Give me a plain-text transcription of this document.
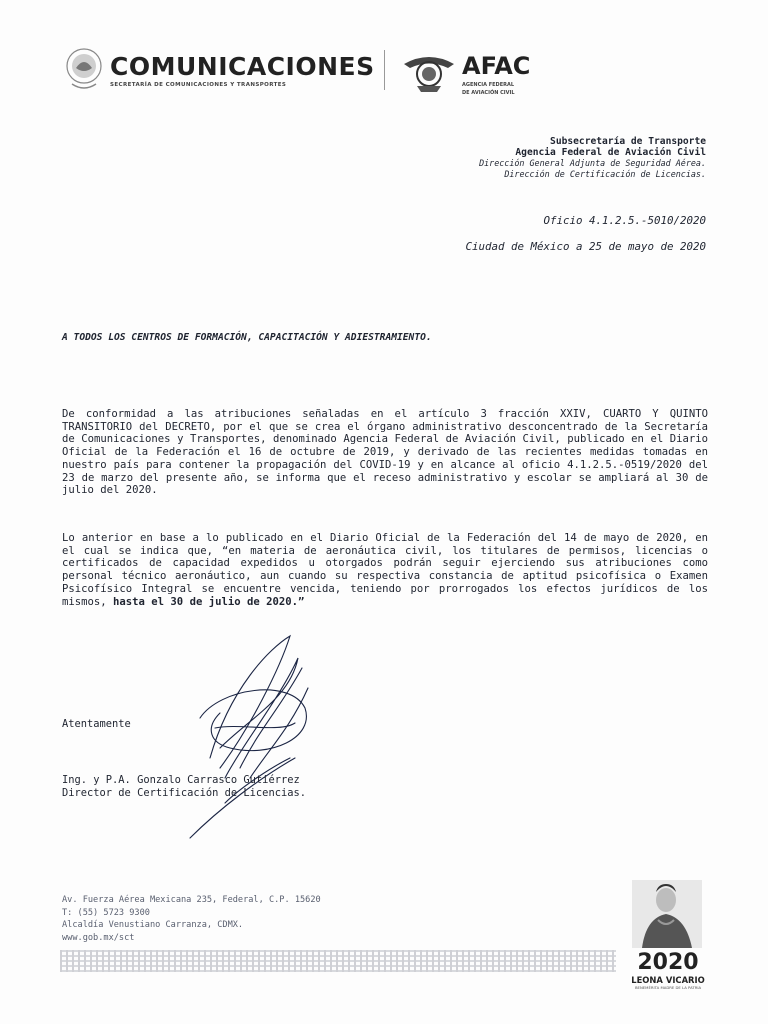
COMUNICACIONES
SECRETARÍA DE COMUNICACIONES Y TRANSPORTES
AFAC
AGENCIA FEDERAL
DE AVIACIÓN CIVIL
Subsecretaría de Transporte
Agencia Federal de Aviación Civil
Dirección General Adjunta de Seguridad Aérea.
Dirección de Certificación de Licencias.
Oficio 4.1.2.5.-5010/2020
Ciudad de México a 25 de mayo de 2020
A TODOS LOS CENTROS DE FORMACIÓN, CAPACITACIÓN Y ADIESTRAMIENTO.
De conformidad a las atribuciones señaladas en el artículo 3 fracción XXIV, CUARTO Y QUINTO TRANSITORIO del DECRETO, por el que se crea el órgano administrativo desconcentrado de la Secretaría de Comunicaciones y Transportes, denominado Agencia Federal de Aviación Civil, publicado en el Diario Oficial de la Federación el 16 de octubre de 2019, y derivado de las recientes medidas tomadas en nuestro país para contener la propagación del COVID-19 y en alcance al oficio 4.1.2.5.-0519/2020 del 23 de marzo del presente año, se informa que el receso administrativo y escolar se ampliará al 30 de julio del 2020.
Lo anterior en base a lo publicado en el Diario Oficial de la Federación del 14 de mayo de 2020, en el cual se indica que, “en materia de aeronáutica civil, los titulares de permisos, licencias o certificados de capacidad expedidos u otorgados podrán seguir ejerciendo sus atribuciones como personal técnico aeronáutico, aun cuando su respectiva constancia de aptitud psicofísica o Examen Psicofísico Integral se encuentre vencida, teniendo por prorrogados los efectos jurídicos de los mismos, hasta el 30 de julio de 2020.”
Atentamente
Ing. y P.A. Gonzalo Carrasco Gutiérrez
Director de Certificación de Licencias.
Av. Fuerza Aérea Mexicana 235, Federal, C.P. 15620
T: (55) 5723 9300
Alcaldía Venustiano Carranza, CDMX.
www.gob.mx/sct
2020
LEONA VICARIO
BENEMÉRITA MADRE DE LA PATRIA
